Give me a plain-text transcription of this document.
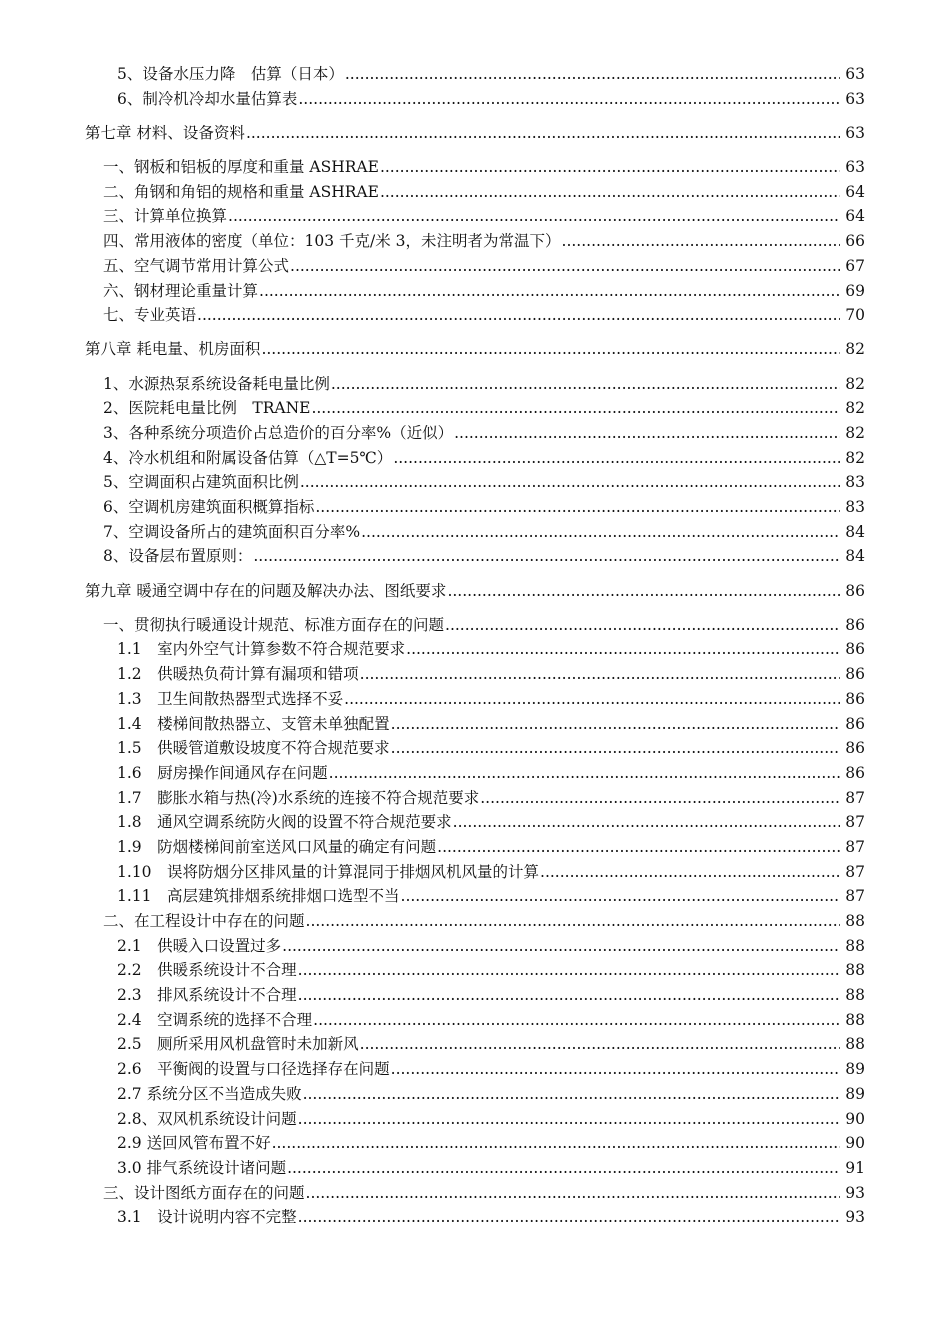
5、设备水压力降　估算（日本） .....	63
6、制冷机冷却水量估算表 .....	63
第七章 材料、设备资料 .....	63
一、钢板和铝板的厚度和重量 ASHRAE .....	63
二、角钢和角铝的规格和重量 ASHRAE .....	64
三、计算单位换算 .....	64
四、常用液体的密度（单位：103 千克/米 3，未注明者为常温下） .....	66
五、空气调节常用计算公式 .....	67
六、钢材理论重量计算 .....	69
七、专业英语 .....	70
第八章 耗电量、机房面积 .....	82
1、水源热泵系统设备耗电量比例 .....	82
2、医院耗电量比例　TRANE .....	82
3、各种系统分项造价占总造价的百分率%（近似） .....	82
4、冷水机组和附属设备估算（△T=5℃） .....	82
5、空调面积占建筑面积比例 .....	83
6、空调机房建筑面积概算指标 .....	83
7、空调设备所占的建筑面积百分率% .....	84
8、设备层布置原则： .....	84
第九章 暖通空调中存在的问题及解决办法、图纸要求 .....	86
一、贯彻执行暖通设计规范、标准方面存在的问题 .....	86
1.1　室内外空气计算参数不符合规范要求 .....	86
1.2　供暖热负荷计算有漏项和错项 .....	86
1.3　卫生间散热器型式选择不妥 .....	86
1.4　楼梯间散热器立、支管未单独配置 .....	86
1.5　供暖管道敷设坡度不符合规范要求 .....	86
1.6　厨房操作间通风存在问题 .....	86
1.7　膨胀水箱与热(冷)水系统的连接不符合规范要求 .....	87
1.8　通风空调系统防火阀的设置不符合规范要求 .....	87
1.9　防烟楼梯间前室送风口风量的确定有问题 .....	87
1.10　误将防烟分区排风量的计算混同于排烟风机风量的计算 .....	87
1.11　高层建筑排烟系统排烟口选型不当 .....	87
二、在工程设计中存在的问题 .....	88
2.1　供暖入口设置过多 .....	88
2.2　供暖系统设计不合理 .....	88
2.3　排风系统设计不合理 .....	88
2.4　空调系统的选择不合理 .....	88
2.5　厕所采用风机盘管时未加新风 .....	88
2.6　平衡阀的设置与口径选择存在问题 .....	89
2.7 系统分区不当造成失败 .....	89
2.8、双风机系统设计问题 .....	90
2.9 送回风管布置不好 .....	90
3.0 排气系统设计诸问题 .....	91
三、设计图纸方面存在的问题 .....	93
3.1　设计说明内容不完整 .....	93
